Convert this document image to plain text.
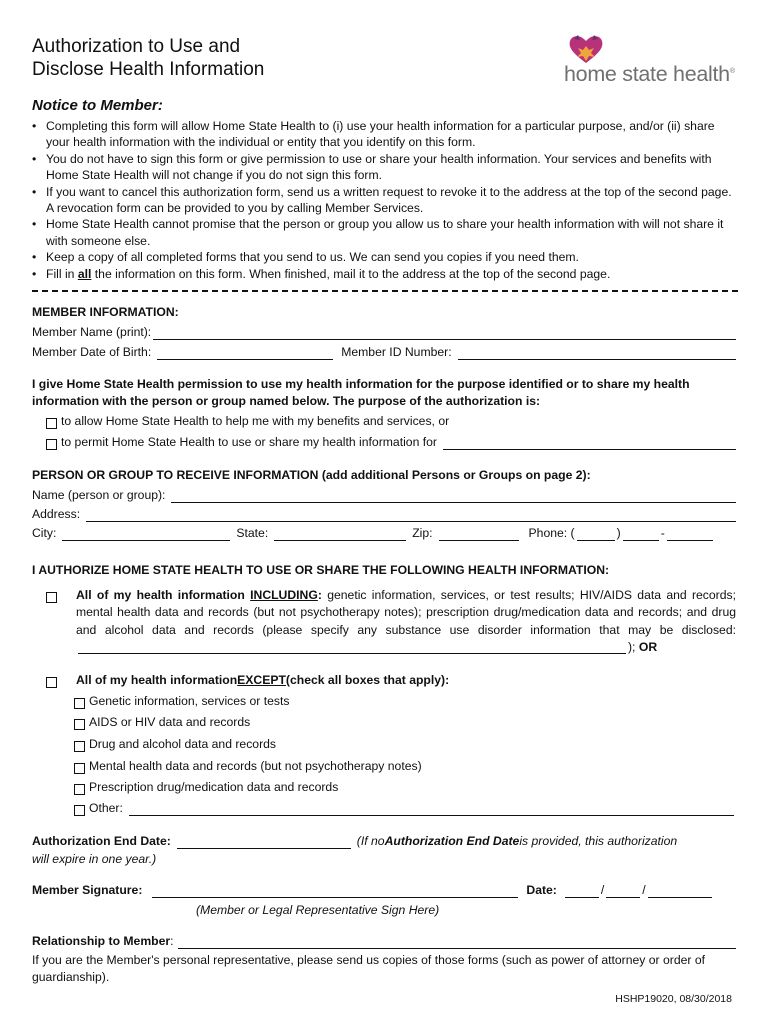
Authorization to Use and
Disclose Health Information	home state health®
Notice to Member:
• Completing this form will allow Home State Health to (i) use your health information for a particular purpose, and/or (ii) share your health information with the individual or entity that you identify on this form.
• You do not have to sign this form or give permission to use or share your health information. Your services and benefits with Home State Health will not change if you do not sign this form.
• If you want to cancel this authorization form, send us a written request to revoke it to the address at the top of the second page. A revocation form can be provided to you by calling Member Services.
• Home State Health cannot promise that the person or group you allow us to share your health information with will not share it with someone else.
• Keep a copy of all completed forms that you send to us. We can send you copies if you need them.
• Fill in all the information on this form. When finished, mail it to the address at the top of the second page.
MEMBER INFORMATION:
Member Name (print):
Member Date of Birth:	Member ID Number:
I give Home State Health permission to use my health information for the purpose identified or to share my health information with the person or group named below. The purpose of the authorization is:
to allow Home State Health to help me with my benefits and services, or
to permit Home State Health to use or share my health information for
PERSON OR GROUP TO RECEIVE INFORMATION (add additional Persons or Groups on page 2):
Name (person or group):
Address:
City:	State:	Zip:	Phone: (	)	-
I AUTHORIZE HOME STATE HEALTH TO USE OR SHARE THE FOLLOWING HEALTH INFORMATION:
All of my health information INCLUDING: genetic information, services, or test results; HIV/AIDS data and records; mental health data and records (but not psychotherapy notes); prescription drug/medication data and records; and drug and alcohol data and records (please specify any substance use disorder information that may be disclosed: ); OR
All of my health information EXCEPT (check all boxes that apply):
Genetic information, services or tests
AIDS or HIV data and records
Drug and alcohol data and records
Mental health data and records (but not psychotherapy notes)
Prescription drug/medication data and records
Other:
Authorization End Date:	(If no Authorization End Date is provided, this authorization
will expire in one year.)
Member Signature:	Date:	/	/
(Member or Legal Representative Sign Here)
Relationship to Member :
If you are the Member's personal representative, please send us copies of those forms (such as power of attorney or order of guardianship).
HSHP19020, 08/30/2018
